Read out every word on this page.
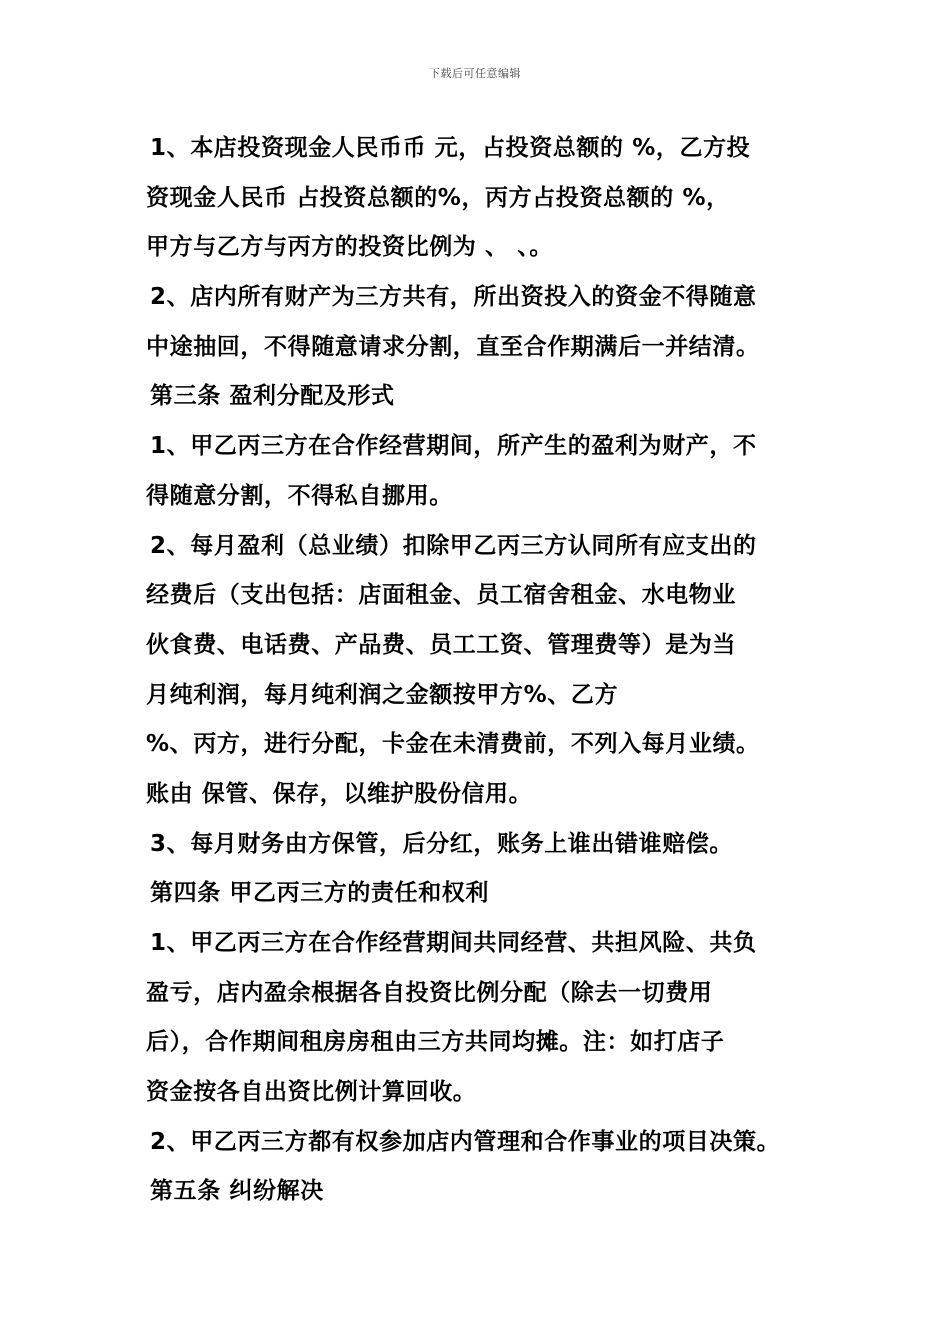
下载后可任意编辑
1、本店投资现金人民币币 元，占投资总额的 %，乙方投
资现金人民币 占投资总额的%，丙方占投资总额的 %，
甲方与乙方与丙方的投资比例为 、 、。
2、店内所有财产为三方共有，所出资投入的资金不得随意
中途抽回，不得随意请求分割，直至合作期满后一并结清。
第三条 盈利分配及形式
1、甲乙丙三方在合作经营期间，所产生的盈利为财产，不
得随意分割，不得私自挪用。
2、每月盈利（总业绩）扣除甲乙丙三方认同所有应支出的
经费后（支出包括：店面租金、员工宿舍租金、水电物业
伙食费、电话费、产品费、员工工资、管理费等）是为当
月纯利润，每月纯利润之金额按甲方%、乙方
%、丙方，进行分配，卡金在未清费前，不列入每月业绩。
账由 保管、保存，以维护股份信用。
3、每月财务由方保管，后分红，账务上谁出错谁赔偿。
第四条 甲乙丙三方的责任和权利
1、甲乙丙三方在合作经营期间共同经营、共担风险、共负
盈亏，店内盈余根据各自投资比例分配（除去一切费用
后），合作期间租房房租由三方共同均摊。注：如打店子
资金按各自出资比例计算回收。
2、甲乙丙三方都有权参加店内管理和合作事业的项目决策。
第五条 纠纷解决
